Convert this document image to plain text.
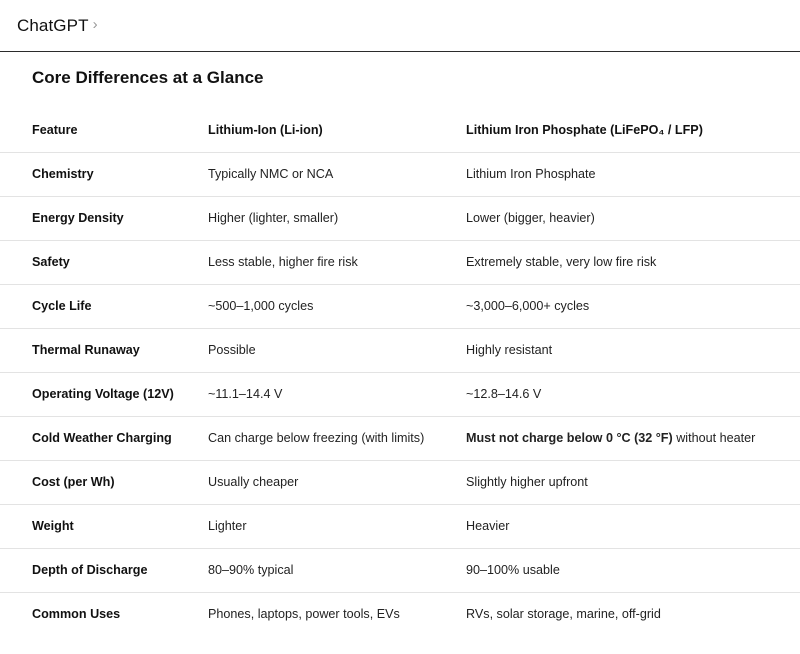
ChatGPT ›
Core Differences at a Glance
Feature	Lithium-Ion (Li-ion)	Lithium Iron Phosphate (LiFePO₄ / LFP)
Chemistry	Typically NMC or NCA	Lithium Iron Phosphate
Energy Density	Higher (lighter, smaller)	Lower (bigger, heavier)
Safety	Less stable, higher fire risk	Extremely stable, very low fire risk
Cycle Life	~500–1,000 cycles	~3,000–6,000+ cycles
Thermal Runaway	Possible	Highly resistant
Operating Voltage (12V)	~11.1–14.4 V	~12.8–14.6 V
Cold Weather Charging	Can charge below freezing (with limits)	Must not charge below 0 °C (32 °F) without heater
Cost (per Wh)	Usually cheaper	Slightly higher upfront
Weight	Lighter	Heavier
Depth of Discharge	80–90% typical	90–100% usable
Common Uses	Phones, laptops, power tools, EVs	RVs, solar storage, marine, off-grid
